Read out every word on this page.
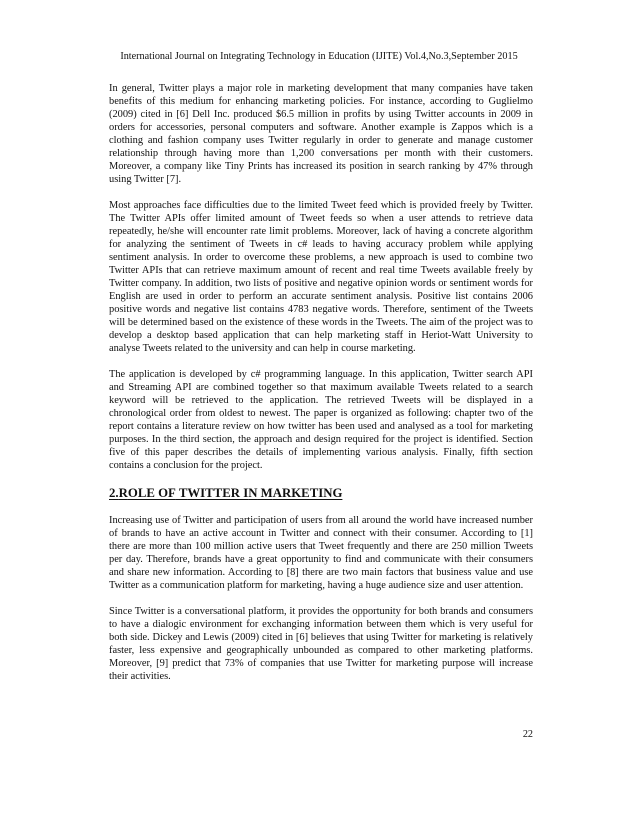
International Journal on Integrating Technology in Education (IJITE) Vol.4,No.3,September 2015

In general, Twitter plays a major role in marketing development that many companies have taken benefits of this medium for enhancing marketing policies. For instance, according to Guglielmo (2009) cited in [6] Dell Inc. produced $6.5 million in profits by using Twitter accounts in 2009 in orders for accessories, personal computers and software. Another example is Zappos which is a clothing and fashion company uses Twitter regularly in order to generate and manage customer relationship through having more than 1,200 conversations per month with their customers. Moreover, a company like Tiny Prints has increased its position in search ranking by 47% through using Twitter [7].

Most approaches face difficulties due to the limited Tweet feed which is provided freely by Twitter. The Twitter APIs offer limited amount of Tweet feeds so when a user attends to retrieve data repeatedly, he/she will encounter rate limit problems. Moreover, lack of having a concrete algorithm for analyzing the sentiment of Tweets in c# leads to having accuracy problem while applying sentiment analysis. In order to overcome these problems, a new approach is used to combine two Twitter APIs that can retrieve maximum amount of recent and real time Tweets available freely by Twitter company. In addition, two lists of positive and negative opinion words or sentiment words for English are used in order to perform an accurate sentiment analysis. Positive list contains 2006 positive words and negative list contains 4783 negative words. Therefore, sentiment of the Tweets will be determined based on the existence of these words in the Tweets. The aim of the project was to develop a desktop based application that can help marketing staff in Heriot-Watt University to analyse Tweets related to the university and can help in course marketing.

The application is developed by c# programming language. In this application, Twitter search API and Streaming API are combined together so that maximum available Tweets related to a search keyword will be retrieved to the application. The retrieved Tweets will be displayed in a chronological order from oldest to newest. The paper is organized as following: chapter two of the report contains a literature review on how twitter has been used and analysed as a tool for marketing purposes. In the third section, the approach and design required for the project is identified. Section five of this paper describes the details of implementing various analysis. Finally, fifth section contains a conclusion for the project.

2.ROLE OF TWITTER IN MARKETING

Increasing use of Twitter and participation of users from all around the world have increased number of brands to have an active account in Twitter and connect with their consumer. According to [1] there are more than 100 million active users that Tweet frequently and there are 250 million Tweets per day. Therefore, brands have a great opportunity to find and communicate with their consumers and share new information. According to [8] there are two main factors that business value and use Twitter as a communication platform for marketing, having a huge audience size and user attention.

Since Twitter is a conversational platform, it provides the opportunity for both brands and consumers to have a dialogic environment for exchanging information between them which is very useful for both side. Dickey and Lewis (2009) cited in [6] believes that using Twitter for marketing is relatively faster, less expensive and geographically unbounded as compared to other marketing platforms. Moreover, [9] predict that 73% of companies that use Twitter for marketing purpose will increase their activities.

22
